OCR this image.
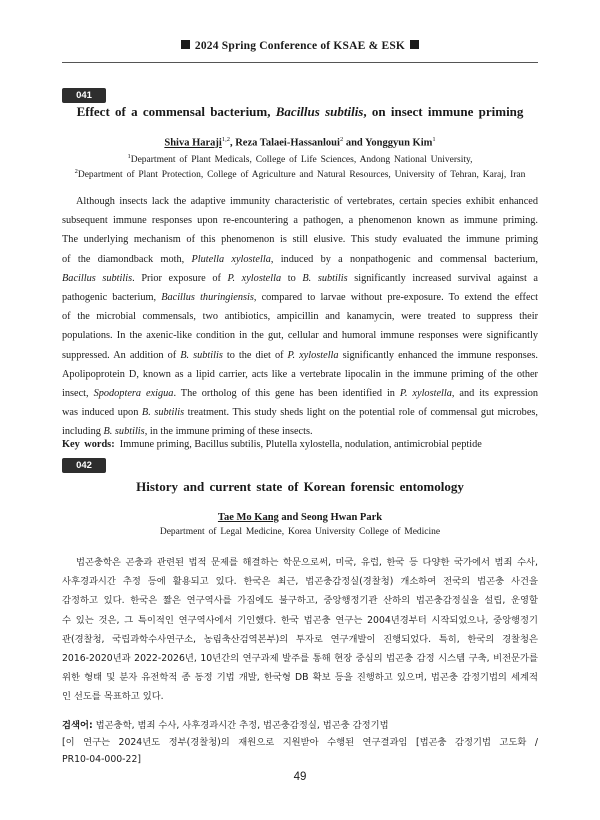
2024 Spring Conference of KSAE & ESK
041
Effect of a commensal bacterium, Bacillus subtilis, on insect immune priming
Shiva Haraji$^{1,2}$, Reza Talaei-Hassanloui$^2$ and Yonggyun Kim$^1$
$^1$Department of Plant Medicals, College of Life Sciences, Andong National University,
$^2$Department of Plant Protection, College of Agriculture and Natural Resources, University of Tehran, Karaj, Iran
Although insects lack the adaptive immunity characteristic of vertebrates, certain species exhibit enhanced
subsequent immune responses upon re-encountering a pathogen, a phenomenon known as immune priming.
The underlying mechanism of this phenomenon is still elusive. This study evaluated the immune priming
of the diamondback moth, Plutella xylostella, induced by a nonpathogenic and commensal bacterium,
Bacillus subtilis. Prior exposure of P. xylostella to B. subtilis significantly increased survival against a
pathogenic bacterium, Bacillus thuringiensis, compared to larvae without pre-exposure. To extend the effect
of the microbial commensals, two antibiotics, ampicillin and kanamycin, were treated to suppress their
populations. In the axenic-like condition in the gut, cellular and humoral immune responses were significantly
suppressed. An addition of B. subtilis to the diet of P. xylostella significantly enhanced the immune responses.
Apolipoprotein D, known as a lipid carrier, acts like a vertebrate lipocalin in the immune priming of the other
insect, Spodoptera exigua. The ortholog of this gene has been identified in P. xylostella, and its expression
was induced upon B. subtilis treatment. This study sheds light on the potential role of commensal gut microbes,
including B. subtilis, in the immune priming of these insects.
Key words: Immune priming, Bacillus subtilis, Plutella xylostella, nodulation, antimicrobial peptide
042
History and current state of Korean forensic entomology
Tae Mo Kang and Seong Hwan Park
Department of Legal Medicine, Korea University College of Medicine
법곤충학은 곤충과 관련된 법적 문제를 해결하는 학문으로써, 미국, 유럽, 한국 등 다양한 국가에서 범죄 수사,
사후경과시간 추정 등에 활용되고 있다. 한국은 최근, 법곤충감정실(경찰청) 개소하여 전국의 법곤충 사건을
감정하고 있다. 한국은 짧은 연구역사를 가짐에도 불구하고, 중앙행정기관 산하의 법곤충감정실을 설립, 운영할
수 있는 것은, 그 특이적인 연구역사에서 기인했다. 한국 법곤충 연구는 2004년경부터 시작되었으나, 중앙행정기
관(경찰청, 국립과학수사연구소, 농림축산검역본부)의 투자로 연구개발이 진행되었다. 특히, 한국의 경찰청은
2016-2020년과 2022-2026년, 10년간의 연구과제 발주를 통해 현장 중심의 법곤충 감정 시스템 구축, 비전문가를
위한 형태 및 분자 유전학적 종 동정 기법 개발, 한국형 DB 확보 등을 진행하고 있으며, 법곤충 감정기법의 세계적
인 선도를 목표하고 있다.
검색어: 법곤충학, 범죄 수사, 사후경과시간 추정, 법곤충감정실, 법곤충 감정기법
[이 연구는 2024년도 정부(경찰청)의 재원으로 지원받아 수행된 연구결과임 [법곤충 감정기법 고도화 /
PR10-04-000-22]
49
